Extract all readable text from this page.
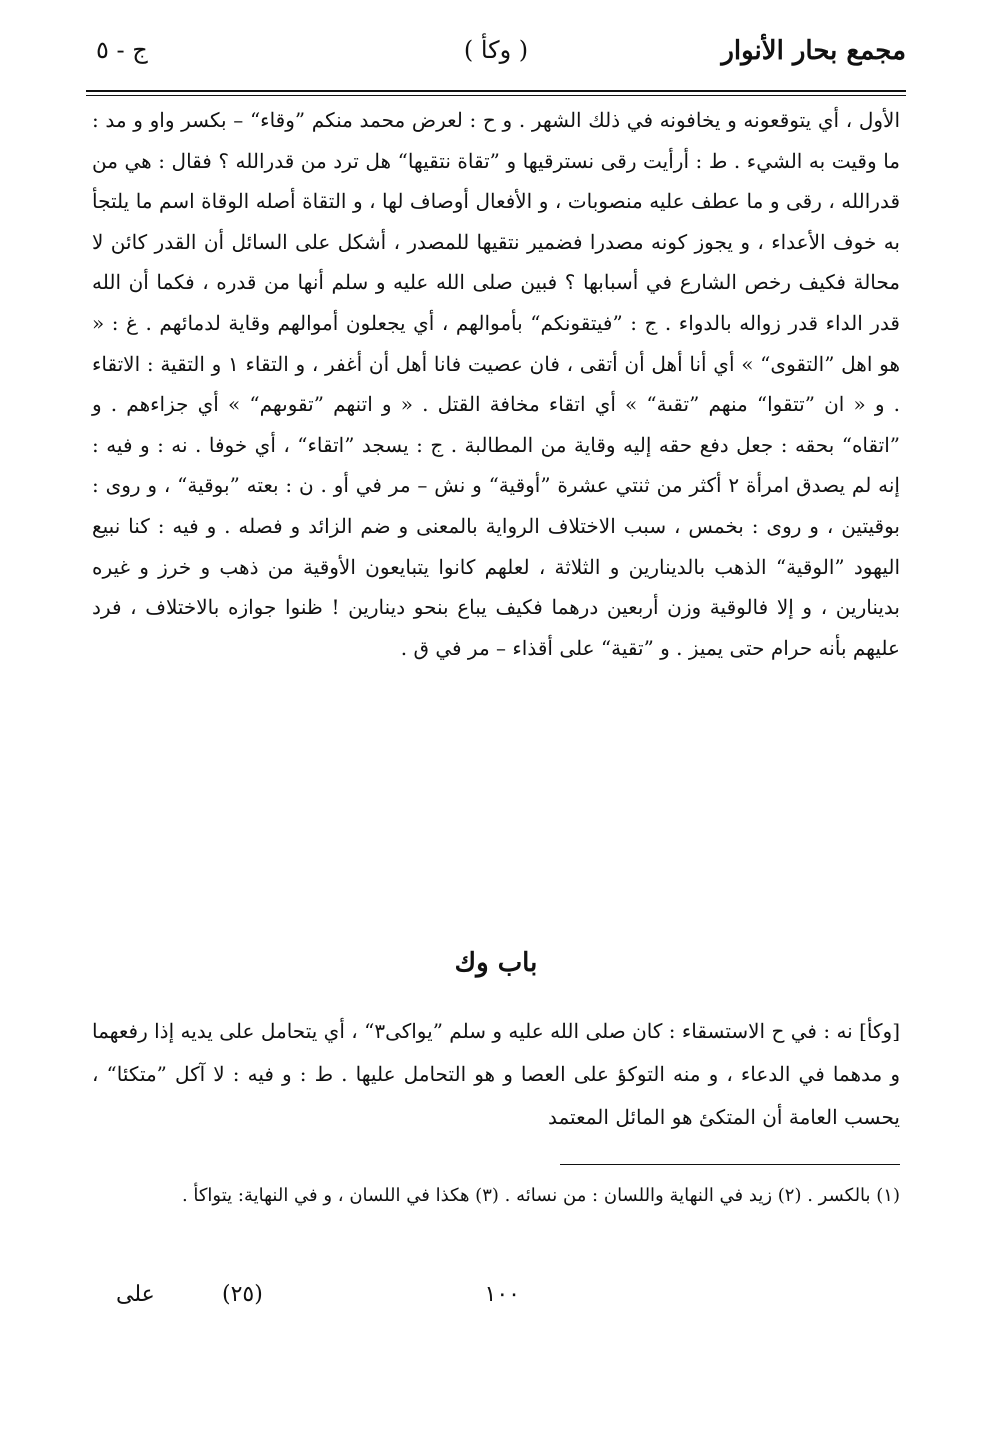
مجمع بحار الأنوار
( وكأ )
ج - ٥

الأول ، أي يتوقعونه و يخافونه في ذلك الشهر . و ح : لعرض محمد منكم ”وقاء“ – بكسر واو و مد : ما وقيت به الشيء . ط : أرأيت رقى نسترقيها و ”تقاة نتقيها“ هل ترد من قدرالله ؟ فقال : هي من قدرالله ، رقى و ما عطف عليه منصوبات ، و الأفعال أوصاف لها ، و التقاة أصله الوقاة اسم ما يلتجأ به خوف الأعداء ، و يجوز كونه مصدرا فضمير نتقيها للمصدر ، أشكل على السائل أن القدر كائن لا محالة فكيف رخص الشارع في أسبابها ؟ فبين صلى الله عليه و سلم أنها من قدره ، فكما أن الله قدر الداء قدر زواله بالدواء . ج : ”فيتقونكم“ بأموالهم ، أي يجعلون أموالهم وقاية لدمائهم . غ : « هو اهل ”التقوى“ » أي أنا أهل أن أتقى ، فان عصيت فانا أهل أن أغفر ، و التقاء ١ و التقية : الاتقاء . و « ان ”تتقوا“ منهم ”تقىة“ » أي اتقاء مخافة القتل . « و اتنهم ”تقوىهم“ » أي جزاءهم . و ”اتقاه“ بحقه : جعل دفع حقه إليه وقاية من المطالبة . ج : يسجد ”اتقاء“ ، أي خوفا . نه : و فيه : إنه لم يصدق امرأة ٢ أكثر من ثنتي عشرة ”أوقية“ و نش – مر في أو . ن : بعته ”بوقية“ ، و روى : بوقيتين ، و روى : بخمس ، سبب الاختلاف الرواية بالمعنى و ضم الزائد و فصله . و فيه : كنا نبيع اليهود ”الوقية“ الذهب بالدينارين و الثلاثة ، لعلهم كانوا يتبايعون الأوقية من ذهب و خرز و غيره بدينارين ، و إلا فالوقية وزن أربعين درهما فكيف يباع بنحو دينارين ! ظنوا جوازه بالاختلاف ، فرد عليهم بأنه حرام حتى يميز . و ”تقية“ على أقذاء – مر في ق .

باب وك

[وكأ] نه : في ح الاستسقاء : كان صلى الله عليه و سلم ”يواكى٣“ ، أي يتحامل على يديه إذا رفعهما و مدهما في الدعاء ، و منه التوكؤ على العصا و هو التحامل عليها . ط : و فيه : لا آكل ”متكئا“ ، يحسب العامة أن المتكئ هو المائل المعتمد

(١) بالكسر . (٢) زيد في النهاية واللسان : من نسائه . (٣) هكذا في اللسان ، و في النهاية: يتواكأ .

١٠٠
(٢٥)
على
